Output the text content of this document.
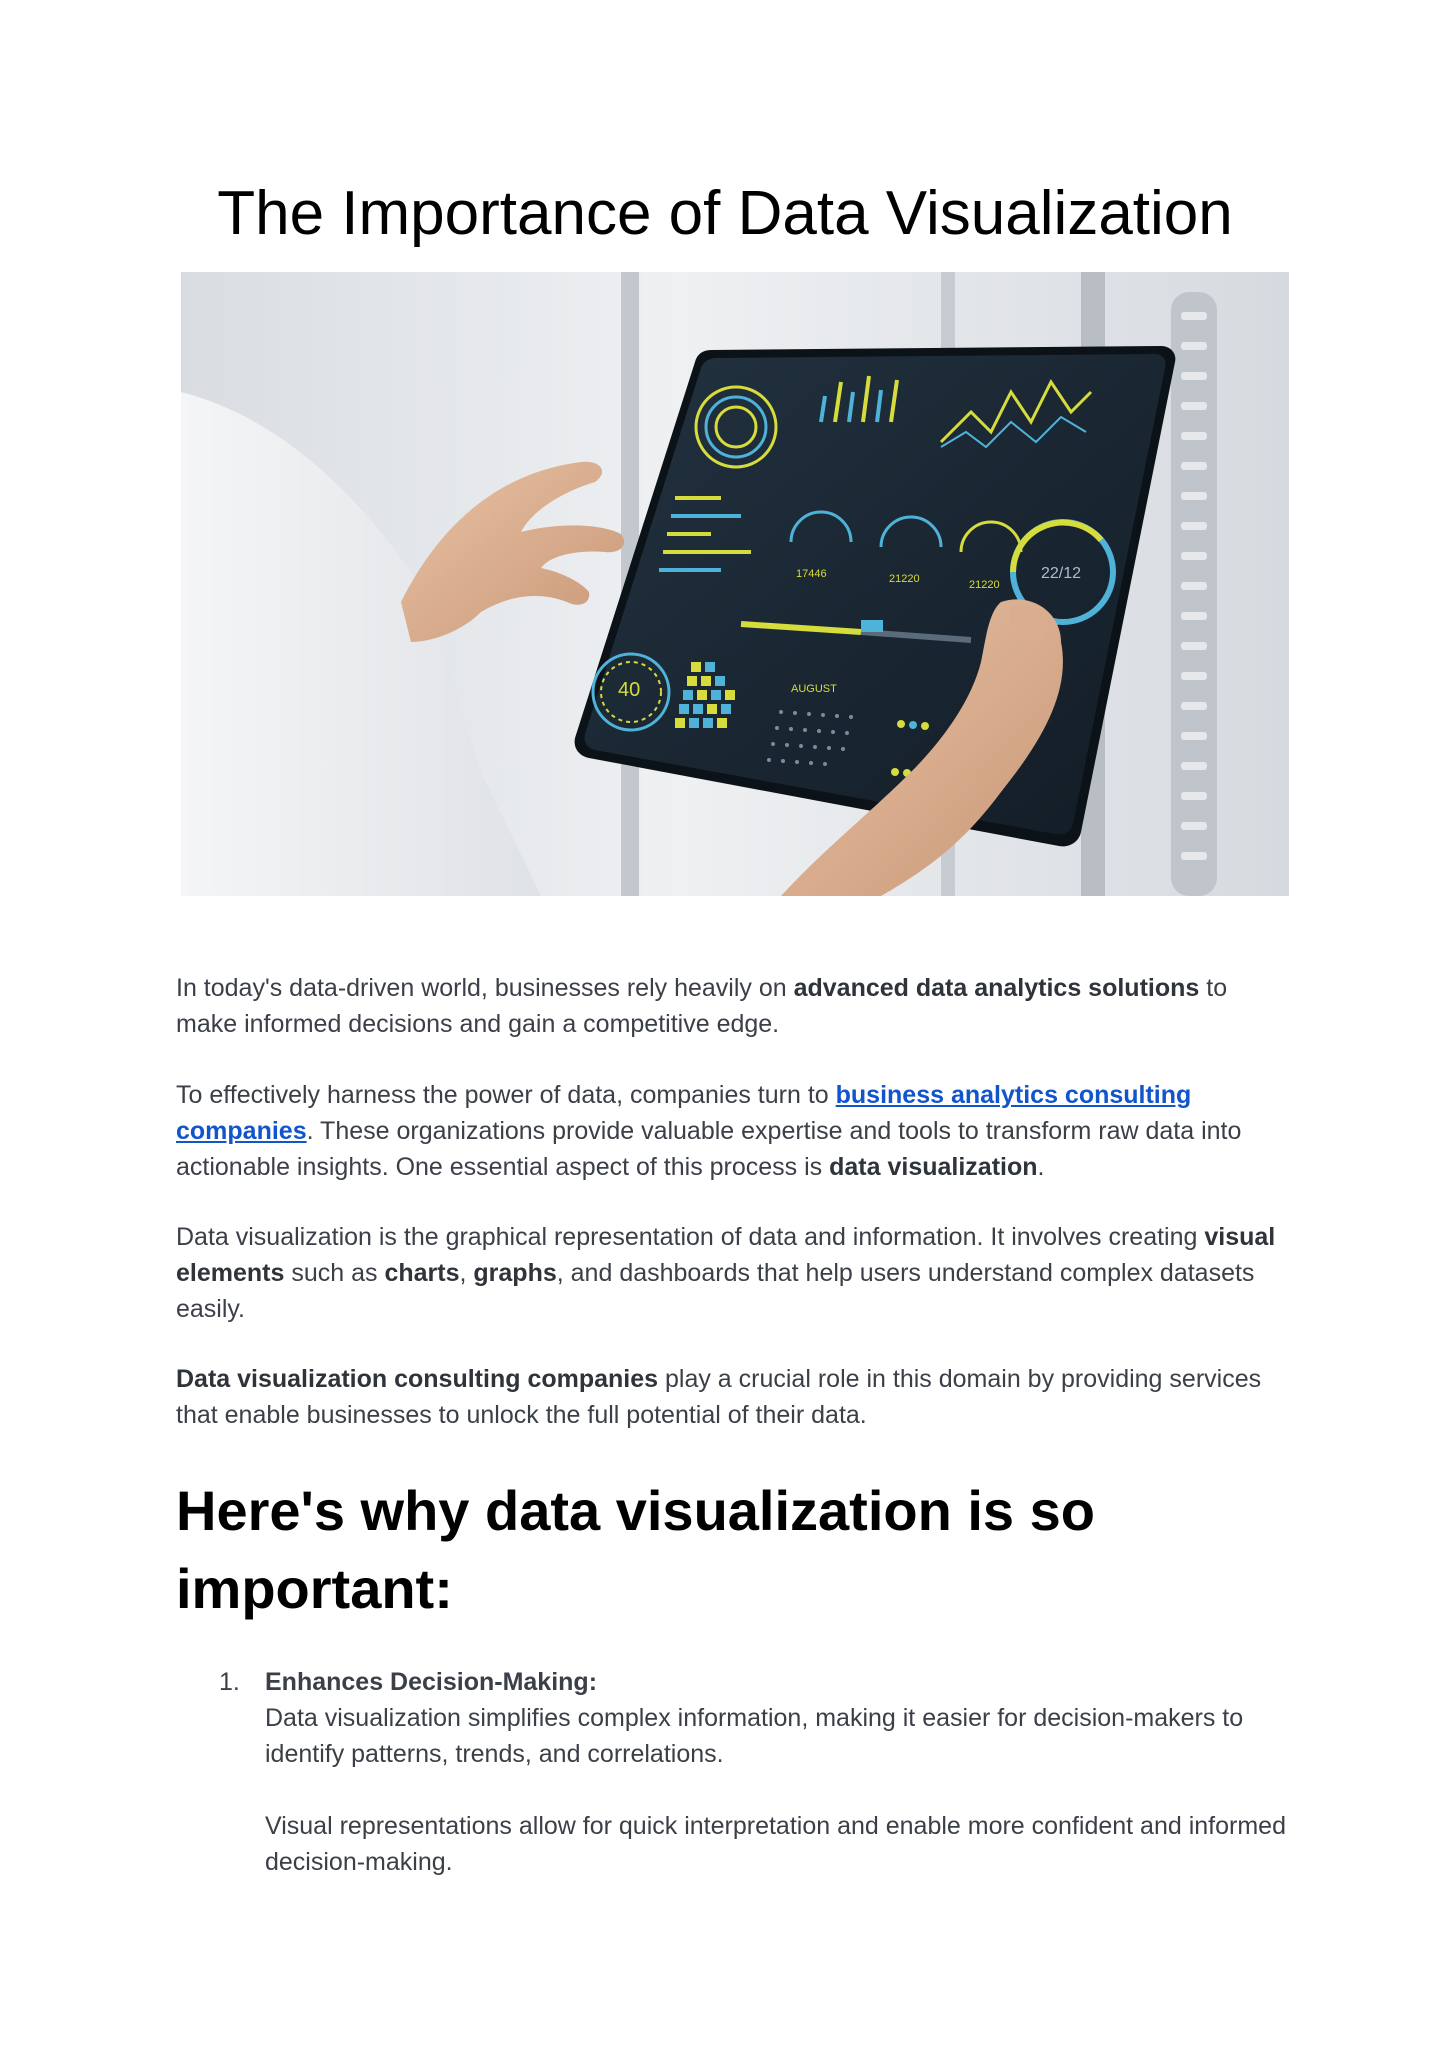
The Importance of Data Visualization
17446	21220	21220
22/12
40	AUGUST

In today's data-driven world, businesses rely heavily on advanced data analytics solutions to make informed decisions and gain a competitive edge.

To effectively harness the power of data, companies turn to business analytics consulting companies. These organizations provide valuable expertise and tools to transform raw data into actionable insights. One essential aspect of this process is data visualization.

Data visualization is the graphical representation of data and information. It involves creating visual elements such as charts, graphs, and dashboards that help users understand complex datasets easily.

Data visualization consulting companies play a crucial role in this domain by providing services that enable businesses to unlock the full potential of their data.

Here's why data visualization is so important:
1. Enhances Decision-Making:

Data visualization simplifies complex information, making it easier for decision-makers to identify patterns, trends, and correlations.

Visual representations allow for quick interpretation and enable more confident and informed decision-making.
